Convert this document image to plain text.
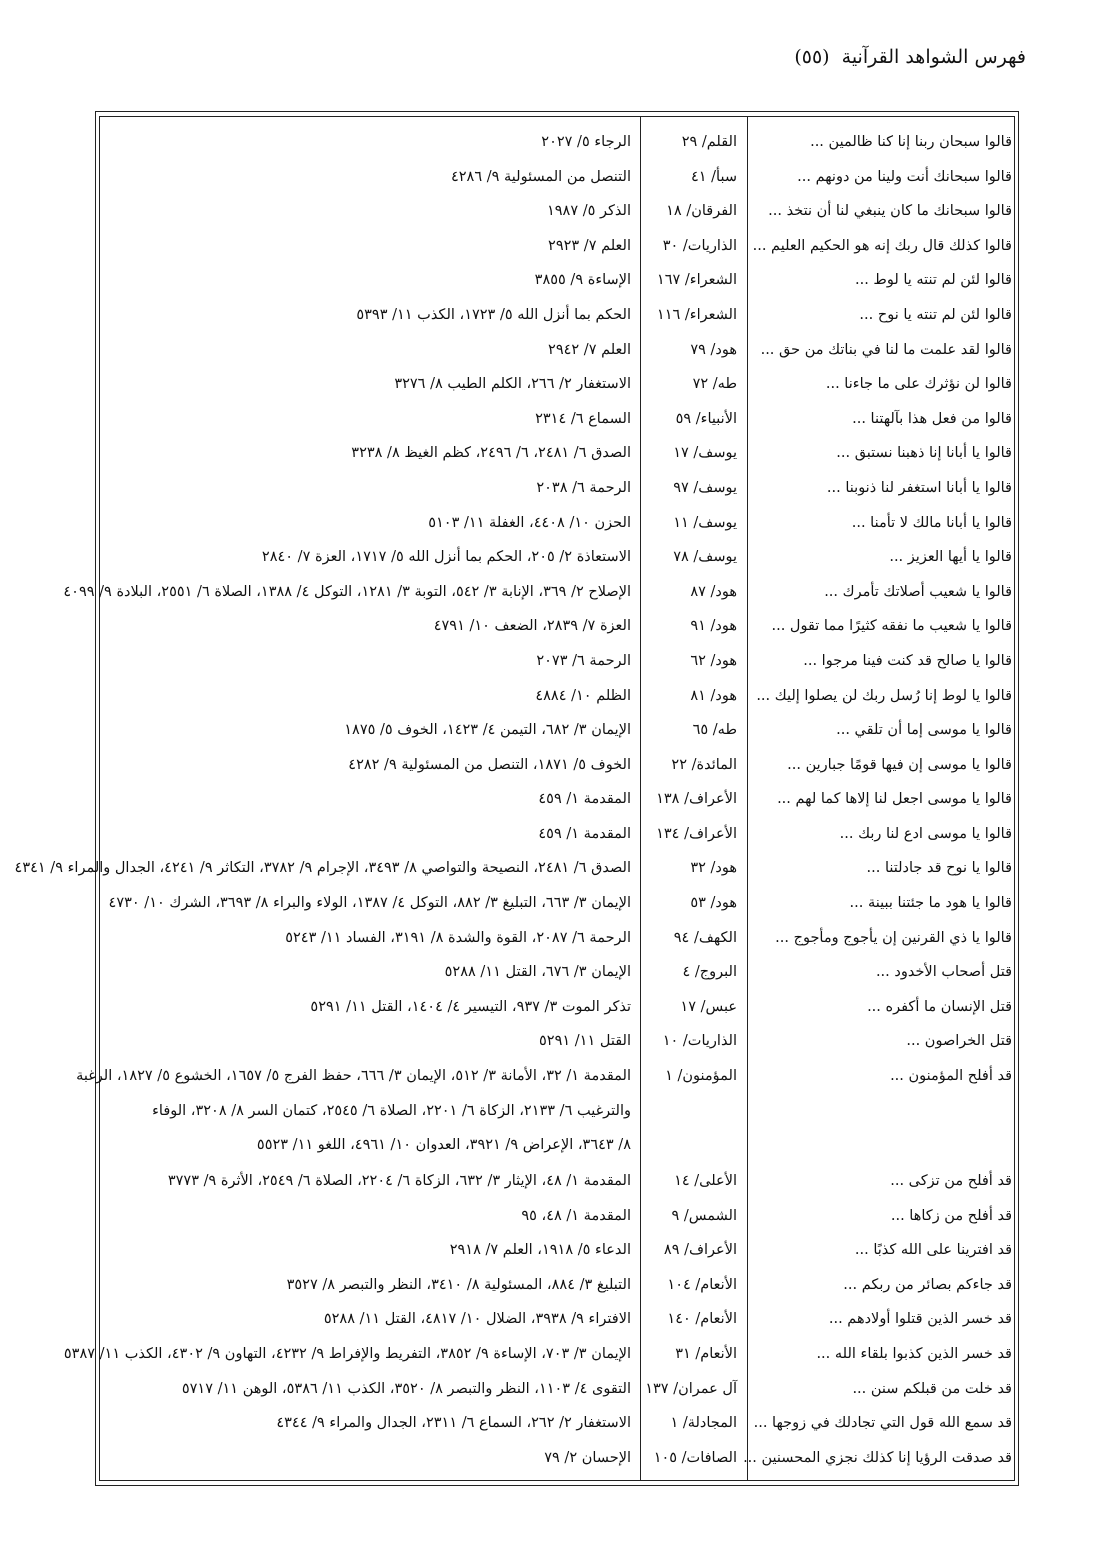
فهرس الشواهد القرآنية (٥٥)
قالوا سبحان ربنا إنا كنا ظالمين ...
القلم/ ٢٩
الرجاء ٥/ ٢٠٢٧
قالوا سبحانك أنت ولينا من دونهم ...
سبأ/ ٤١
التنصل من المسئولية ٩/ ٤٢٨٦
قالوا سبحانك ما كان ينبغي لنا أن نتخذ ...
الفرقان/ ١٨
الذكر ٥/ ١٩٨٧
قالوا كذلك قال ربك إنه هو الحكيم العليم ...
الذاريات/ ٣٠
العلم ٧/ ٢٩٢٣
قالوا لئن لم تنته يا لوط ...
الشعراء/ ١٦٧
الإساءة ٩/ ٣٨٥٥
قالوا لئن لم تنته يا نوح ...
الشعراء/ ١١٦
الحكم بما أنزل الله ٥/ ١٧٢٣، الكذب ١١/ ٥٣٩٣
قالوا لقد علمت ما لنا في بناتك من حق ...
هود/ ٧٩
العلم ٧/ ٢٩٤٢
قالوا لن نؤثرك على ما جاءنا ...
طه/ ٧٢
الاستغفار ٢/ ٢٦٦، الكلم الطيب ٨/ ٣٢٧٦
قالوا من فعل هذا بآلهتنا ...
الأنبياء/ ٥٩
السماع ٦/ ٢٣١٤
قالوا يا أبانا إنا ذهبنا نستبق ...
يوسف/ ١٧
الصدق ٦/ ٢٤٨١، ٦/ ٢٤٩٦، كظم الغيظ ٨/ ٣٢٣٨
قالوا يا أبانا استغفر لنا ذنوبنا ...
يوسف/ ٩٧
الرحمة ٦/ ٢٠٣٨
قالوا يا أبانا مالك لا تأمنا ...
يوسف/ ١١
الحزن ١٠/ ٤٤٠٨، الغفلة ١١/ ٥١٠٣
قالوا يا أيها العزيز ...
يوسف/ ٧٨
الاستعاذة ٢/ ٢٠٥، الحكم بما أنزل الله ٥/ ١٧١٧، العزة ٧/ ٢٨٤٠
قالوا يا شعيب أصلاتك تأمرك ...
هود/ ٨٧
الإصلاح ٢/ ٣٦٩، الإنابة ٣/ ٥٤٢، التوبة ٣/ ١٢٨١، التوكل ٤/ ١٣٨٨، الصلاة ٦/ ٢٥٥١، البلادة ٩/ ٤٠٩٩
قالوا يا شعيب ما نفقه كثيرًا مما تقول ...
هود/ ٩١
العزة ٧/ ٢٨٣٩، الضعف ١٠/ ٤٧٩١
قالوا يا صالح قد كنت فينا مرجوا ...
هود/ ٦٢
الرحمة ٦/ ٢٠٧٣
قالوا يا لوط إنا رُسل ربك لن يصلوا إليك ...
هود/ ٨١
الظلم ١٠/ ٤٨٨٤
قالوا يا موسى إما أن تلقي ...
طه/ ٦٥
الإيمان ٣/ ٦٨٢، التيمن ٤/ ١٤٢٣، الخوف ٥/ ١٨٧٥
قالوا يا موسى إن فيها قومًا جبارين ...
المائدة/ ٢٢
الخوف ٥/ ١٨٧١، التنصل من المسئولية ٩/ ٤٢٨٢
قالوا يا موسى اجعل لنا إلاها كما لهم ...
الأعراف/ ١٣٨
المقدمة ١/ ٤٥٩
قالوا يا موسى ادع لنا ربك ...
الأعراف/ ١٣٤
المقدمة ١/ ٤٥٩
قالوا يا نوح قد جادلتنا ...
هود/ ٣٢
الصدق ٦/ ٢٤٨١، النصيحة والتواصي ٨/ ٣٤٩٣، الإجرام ٩/ ٣٧٨٢، التكاثر ٩/ ٤٢٤١، الجدال والمراء ٩/ ٤٣٤١
قالوا يا هود ما جئتنا ببينة ...
هود/ ٥٣
الإيمان ٣/ ٦٦٣، التبليغ ٣/ ٨٨٢، التوكل ٤/ ١٣٨٧، الولاء والبراء ٨/ ٣٦٩٣، الشرك ١٠/ ٤٧٣٠
قالوا يا ذي القرنين إن يأجوج ومأجوج ...
الكهف/ ٩٤
الرحمة ٦/ ٢٠٨٧، القوة والشدة ٨/ ٣١٩١، الفساد ١١/ ٥٢٤٣
قتل أصحاب الأخدود ...
البروج/ ٤
الإيمان ٣/ ٦٧٦، القتل ١١/ ٥٢٨٨
قتل الإنسان ما أكفره ...
عبس/ ١٧
تذكر الموت ٣/ ٩٣٧، التيسير ٤/ ١٤٠٤، القتل ١١/ ٥٢٩١
قتل الخراصون ...
الذاريات/ ١٠
القتل ١١/ ٥٢٩١
قد أفلح المؤمنون ...
المؤمنون/ ١
المقدمة ١/ ٣٢، الأمانة ٣/ ٥١٢، الإيمان ٣/ ٦٦٦، حفظ الفرج ٥/ ١٦٥٧، الخشوع ٥/ ١٨٢٧، الرغبة
والترغيب ٦/ ٢١٣٣، الزكاة ٦/ ٢٢٠١، الصلاة ٦/ ٢٥٤٥، كتمان السر ٨/ ٣٢٠٨، الوفاء
٨/ ٣٦٤٣، الإعراض ٩/ ٣٩٢١، العدوان ١٠/ ٤٩٦١، اللغو ١١/ ٥٥٢٣
قد أفلح من تزكى ...
الأعلى/ ١٤
المقدمة ١/ ٤٨، الإيثار ٣/ ٦٣٢، الزكاة ٦/ ٢٢٠٤، الصلاة ٦/ ٢٥٤٩، الأثرة ٩/ ٣٧٧٣
قد أفلح من زكاها ...
الشمس/ ٩
المقدمة ١/ ٤٨، ٩٥
قد افترينا على الله كذبًا ...
الأعراف/ ٨٩
الدعاء ٥/ ١٩١٨، العلم ٧/ ٢٩١٨
قد جاءكم بصائر من ربكم ...
الأنعام/ ١٠٤
التبليغ ٣/ ٨٨٤، المسئولية ٨/ ٣٤١٠، النظر والتبصر ٨/ ٣٥٢٧
قد خسر الذين قتلوا أولادهم ...
الأنعام/ ١٤٠
الافتراء ٩/ ٣٩٣٨، الضلال ١٠/ ٤٨١٧، القتل ١١/ ٥٢٨٨
قد خسر الذين كذبوا بلقاء الله ...
الأنعام/ ٣١
الإيمان ٣/ ٧٠٣، الإساءة ٩/ ٣٨٥٢، التفريط والإفراط ٩/ ٤٢٣٢، التهاون ٩/ ٤٣٠٢، الكذب ١١/ ٥٣٨٧
قد خلت من قبلكم سنن ...
آل عمران/ ١٣٧
التقوى ٤/ ١١٠٣، النظر والتبصر ٨/ ٣٥٢٠، الكذب ١١/ ٥٣٨٦، الوهن ١١/ ٥٧١٧
قد سمع الله قول التي تجادلك في زوجها ...
المجادلة/ ١
الاستغفار ٢/ ٢٦٢، السماع ٦/ ٢٣١١، الجدال والمراء ٩/ ٤٣٤٤
قد صدقت الرؤيا إنا كذلك نجزي المحسنين ...
الصافات/ ١٠٥
الإحسان ٢/ ٧٩
